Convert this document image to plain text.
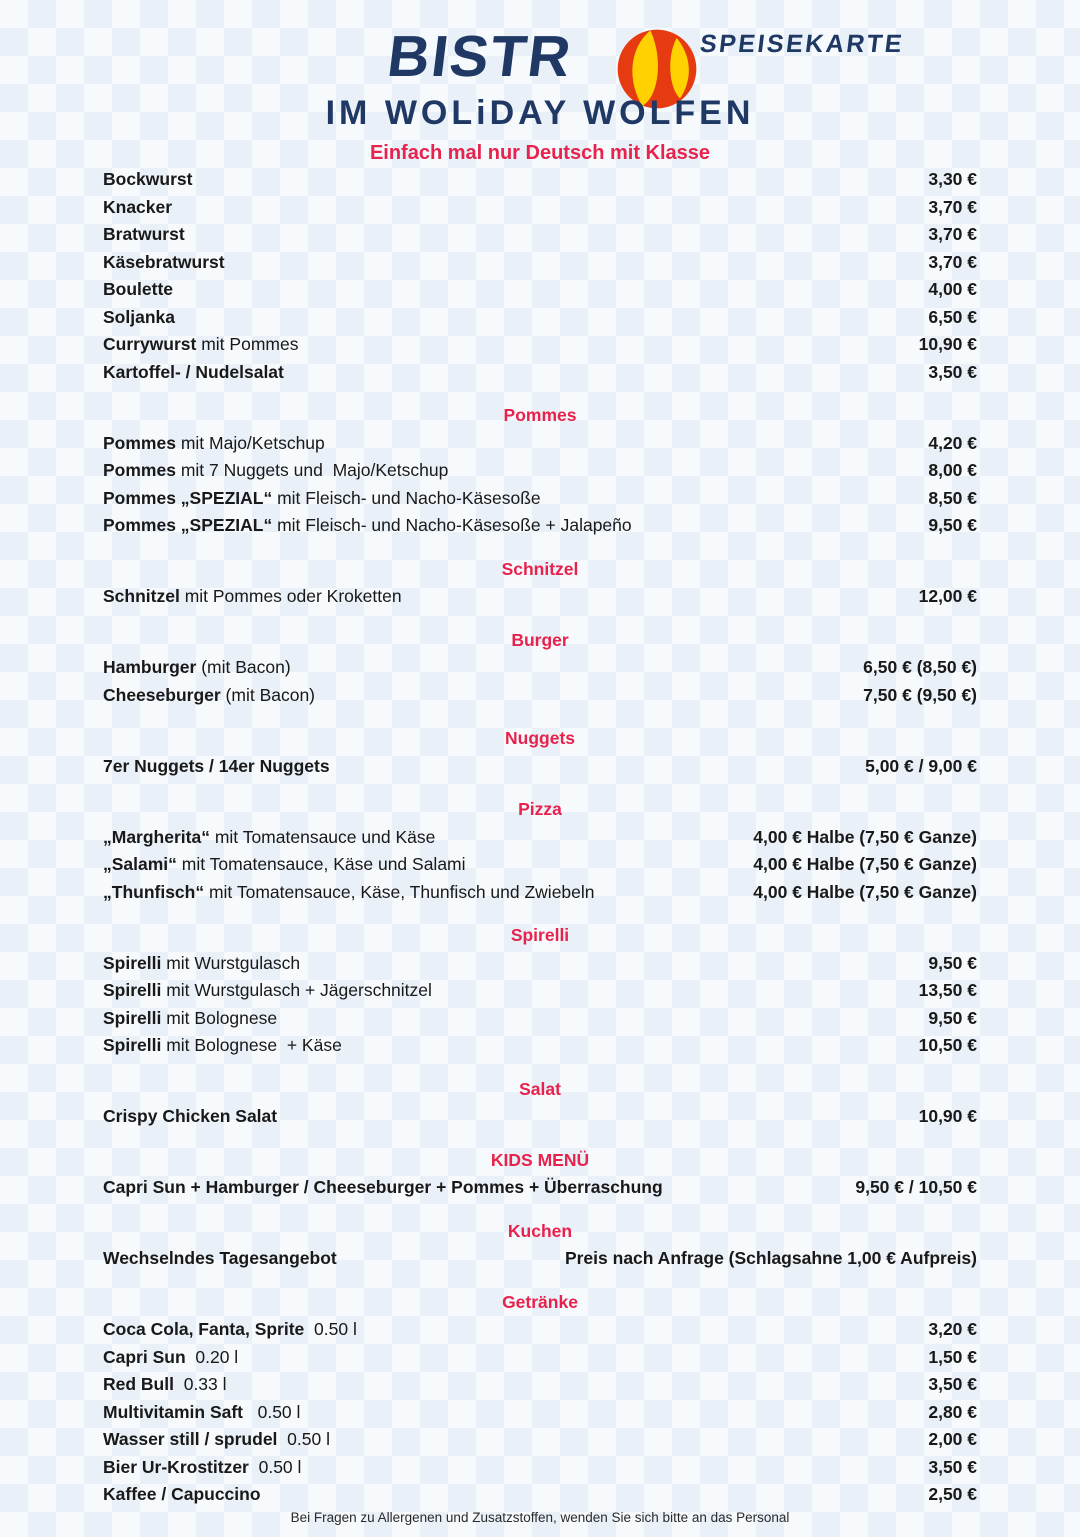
BISTR	SPEISEKARTE
IM WOLiDAY WOLFEN
Einfach mal nur Deutsch mit Klasse
Bockwurst	3,30 €
Knacker	3,70 €
Bratwurst	3,70 €
Käsebratwurst	3,70 €
Boulette	4,00 €
Soljanka	6,50 €
Currywurst mit Pommes	10,90 €
Kartoffel- / Nudelsalat	3,50 €
Pommes
Pommes mit Majo/Ketschup	4,20 €
Pommes mit 7 Nuggets und  Majo/Ketschup	8,00 €
Pommes „SPEZIAL“ mit Fleisch- und Nacho-Käsesoße	8,50 €
Pommes „SPEZIAL“ mit Fleisch- und Nacho-Käsesoße + Jalapeño	9,50 €
Schnitzel
Schnitzel mit Pommes oder Kroketten	12,00 €
Burger
Hamburger (mit Bacon)	6,50 € (8,50 €)
Cheeseburger (mit Bacon)	7,50 € (9,50 €)
Nuggets
7er Nuggets / 14er Nuggets	5,00 € / 9,00 €
Pizza
„Margherita“ mit Tomatensauce und Käse	4,00 € Halbe (7,50 € Ganze)
„Salami“ mit Tomatensauce, Käse und Salami	4,00 € Halbe (7,50 € Ganze)
„Thunfisch“ mit Tomatensauce, Käse, Thunfisch und Zwiebeln	4,00 € Halbe (7,50 € Ganze)
Spirelli
Spirelli mit Wurstgulasch	9,50 €
Spirelli mit Wurstgulasch + Jägerschnitzel	13,50 €
Spirelli mit Bolognese	9,50 €
Spirelli mit Bolognese  + Käse	10,50 €
Salat
Crispy Chicken Salat	10,90 €
KIDS MENÜ
Capri Sun + Hamburger / Cheeseburger + Pommes + Überraschung	9,50 € / 10,50 €
Kuchen
Wechselndes Tagesangebot	Preis nach Anfrage (Schlagsahne 1,00 € Aufpreis)
Getränke
Coca Cola, Fanta, Sprite  0.50 l	3,20 €
Capri Sun  0.20 l	1,50 €
Red Bull  0.33 l	3,50 €
Multivitamin Saft   0.50 l	2,80 €
Wasser still / sprudel  0.50 l	2,00 €
Bier Ur-Krostitzer  0.50 l	3,50 €
Kaffee / Capuccino	2,50 €
Bei Fragen zu Allergenen und Zusatzstoffen, wenden Sie sich bitte an das Personal
